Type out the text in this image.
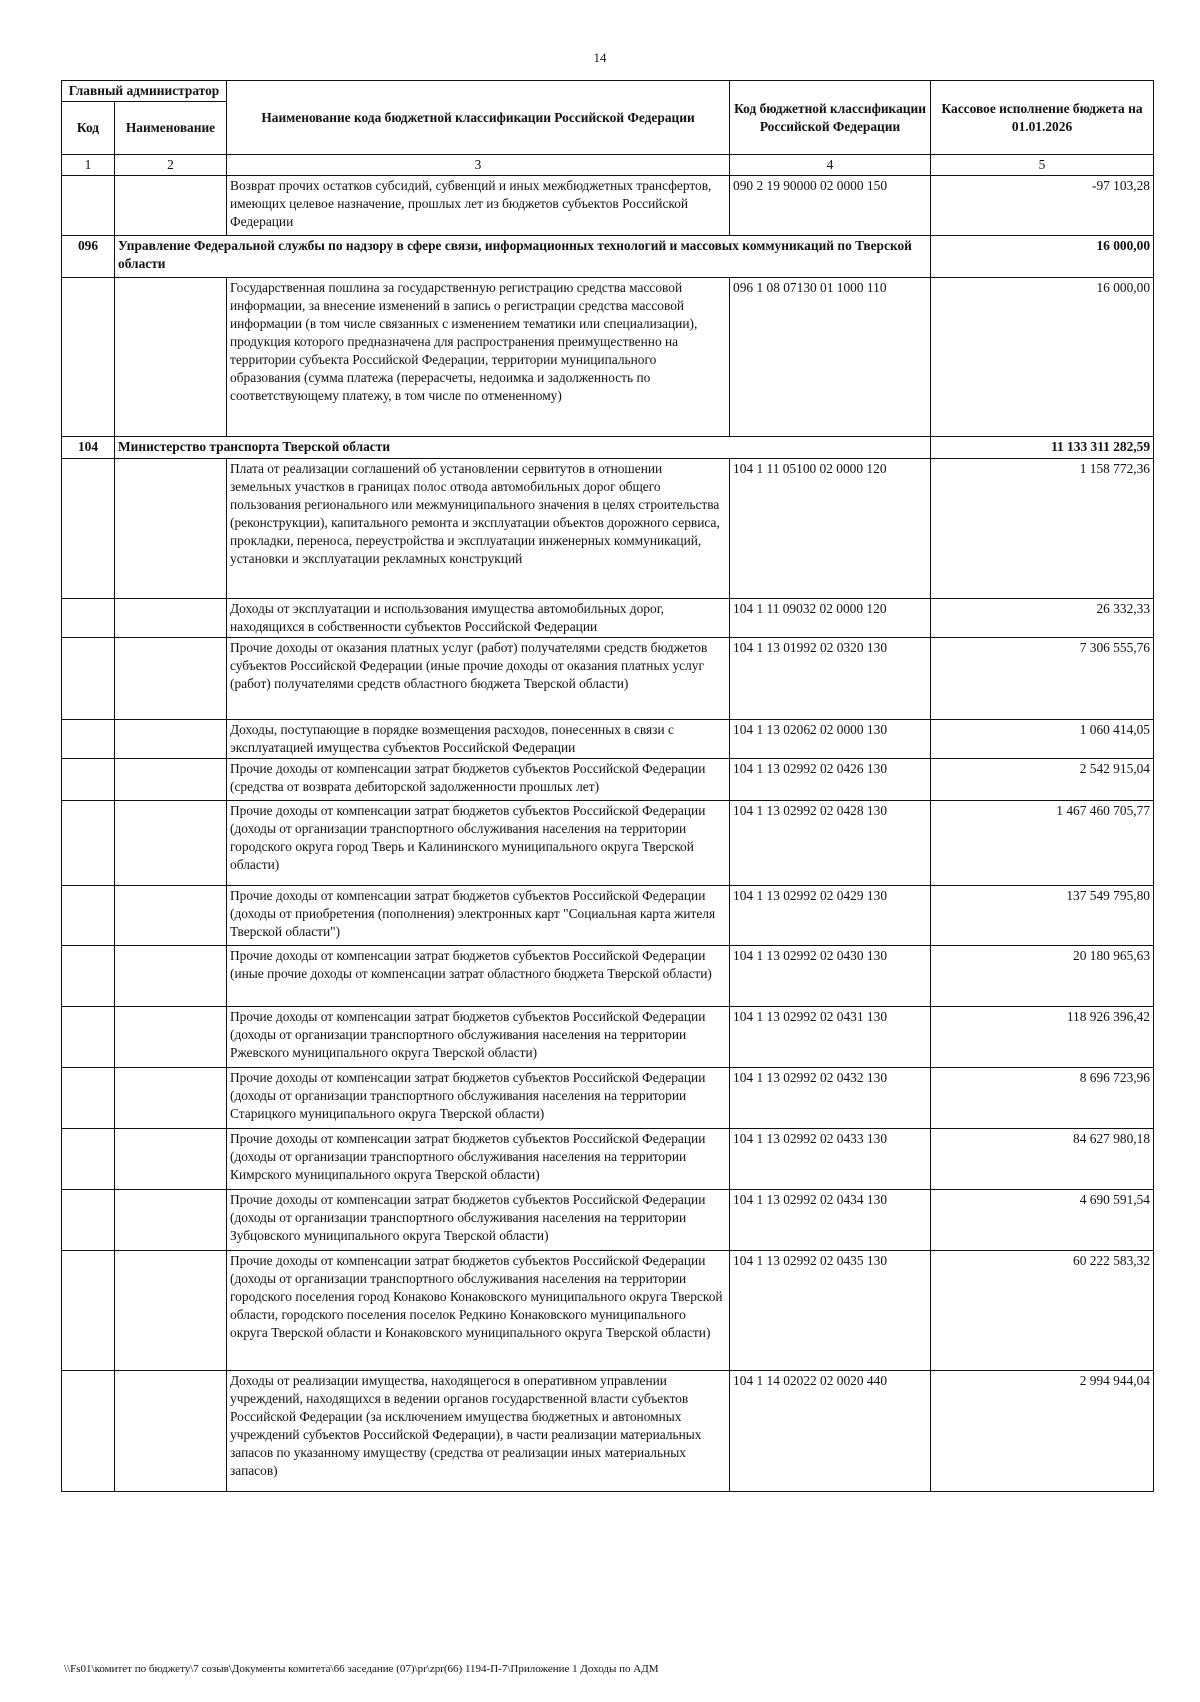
14
Главный администратор		Наименование кода бюджетной классификации Российской Федерации	Код бюджетной классификации Российской Федерации	Кассовое исполнение бюджета на 01.01.2026
Код	Наименование			
1	2	3	4	5
		Возврат прочих остатков субсидий, субвенций и иных межбюджетных трансфертов, имеющих целевое назначение, прошлых лет из бюджетов субъектов Российской Федерации	090 2 19 90000 02 0000 150	-97 103,28
096	Управление Федеральной службы по надзору в сфере связи, информационных технологий и массовых коммуникаций по Тверской области			16 000,00
		Государственная пошлина за государственную регистрацию средства массовой информации, за внесение изменений в запись о регистрации средства массовой информации (в том числе связанных с изменением тематики или специализации), продукция которого предназначена для распространения преимущественно на территории субъекта Российской Федерации, территории муниципального образования (сумма платежа (перерасчеты, недоимка и задолженность по соответствующему платежу, в том числе по отмененному)	096 1 08 07130 01 1000 110	16 000,00
104	Министерство транспорта Тверской области			11 133 311 282,59
		Плата от реализации соглашений об установлении сервитутов в отношении земельных участков в границах полос отвода автомобильных дорог общего пользования регионального или межмуниципального значения в целях строительства (реконструкции), капитального ремонта и эксплуатации объектов дорожного сервиса, прокладки, переноса, переустройства и эксплуатации инженерных коммуникаций, установки и эксплуатации рекламных конструкций	104 1 11 05100 02 0000 120	1 158 772,36
		Доходы от эксплуатации и использования имущества автомобильных дорог, находящихся в собственности субъектов Российской Федерации	104 1 11 09032 02 0000 120	26 332,33
		Прочие доходы от оказания платных услуг (работ) получателями средств бюджетов субъектов Российской Федерации (иные прочие доходы от оказания платных услуг (работ) получателями средств областного бюджета Тверской области)	104 1 13 01992 02 0320 130	7 306 555,76
		Доходы, поступающие в порядке возмещения расходов, понесенных в связи с эксплуатацией имущества субъектов Российской Федерации	104 1 13 02062 02 0000 130	1 060 414,05
		Прочие доходы от компенсации затрат бюджетов субъектов Российской Федерации (средства от возврата дебиторской задолженности прошлых лет)	104 1 13 02992 02 0426 130	2 542 915,04
		Прочие доходы от компенсации затрат бюджетов субъектов Российской Федерации (доходы от организации транспортного обслуживания населения на территории городского округа город Тверь и Калининского муниципального округа Тверской области)	104 1 13 02992 02 0428 130	1 467 460 705,77
		Прочие доходы от компенсации затрат бюджетов субъектов Российской Федерации (доходы от приобретения (пополнения) электронных карт "Социальная карта жителя Тверской области")	104 1 13 02992 02 0429 130	137 549 795,80
		Прочие доходы от компенсации затрат бюджетов субъектов Российской Федерации (иные прочие доходы от компенсации затрат областного бюджета Тверской области)	104 1 13 02992 02 0430 130	20 180 965,63
		Прочие доходы от компенсации затрат бюджетов субъектов Российской Федерации (доходы от организации транспортного обслуживания населения на территории Ржевского муниципального округа Тверской области)	104 1 13 02992 02 0431 130	118 926 396,42
		Прочие доходы от компенсации затрат бюджетов субъектов Российской Федерации (доходы от организации транспортного обслуживания населения на территории Старицкого муниципального округа Тверской области)	104 1 13 02992 02 0432 130	8 696 723,96
		Прочие доходы от компенсации затрат бюджетов субъектов Российской Федерации (доходы от организации транспортного обслуживания населения на территории Кимрского муниципального округа Тверской области)	104 1 13 02992 02 0433 130	84 627 980,18
		Прочие доходы от компенсации затрат бюджетов субъектов Российской Федерации (доходы от организации транспортного обслуживания населения на территории Зубцовского муниципального округа Тверской области)	104 1 13 02992 02 0434 130	4 690 591,54
		Прочие доходы от компенсации затрат бюджетов субъектов Российской Федерации (доходы от организации транспортного обслуживания населения на территории городского поселения город Конаково Конаковского муниципального округа Тверской области, городского поселения поселок Редкино Конаковского муниципального округа Тверской области и Конаковского муниципального округа Тверской области)	104 1 13 02992 02 0435 130	60 222 583,32
		Доходы от реализации имущества, находящегося в оперативном управлении учреждений, находящихся в ведении органов государственной власти субъектов Российской Федерации (за исключением имущества бюджетных и автономных учреждений субъектов Российской Федерации), в части реализации материальных запасов по указанному имуществу (средства от реализации иных материальных запасов)	104 1 14 02022 02 0020 440	2 994 944,04
\\Fs01\комитет по бюджету\7 созыв\Документы комитета\66 заседание (07)\pr\zpr(66) 1194-П-7\Приложение 1 Доходы по АДМ
